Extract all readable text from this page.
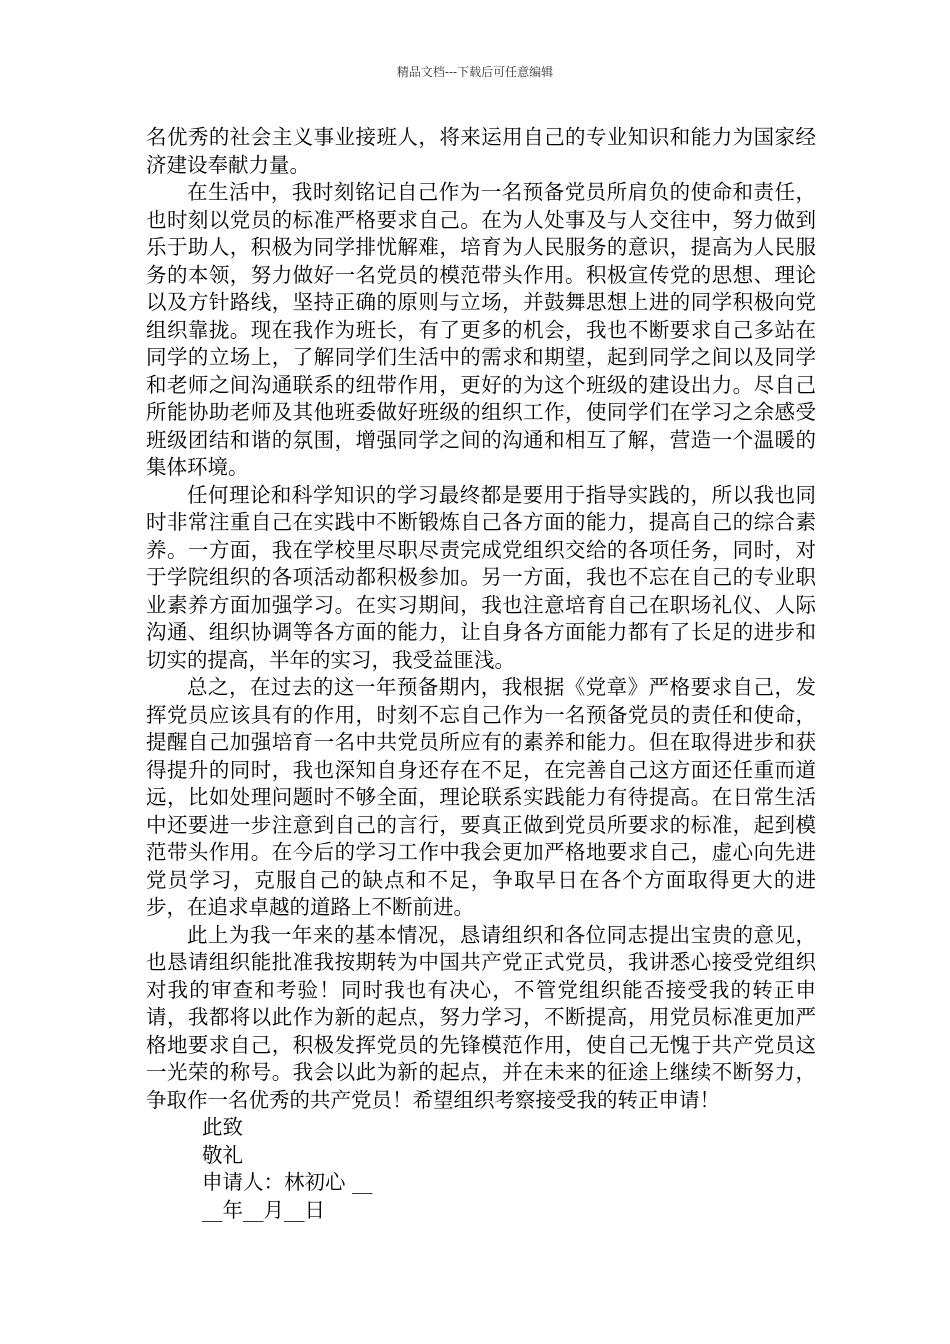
精品文档---下载后可任意编辑

名优秀的社会主义事业接班人，将来运用自己的专业知识和能力为国家经济建设奉献力量。

在生活中，我时刻铭记自己作为一名预备党员所肩负的使命和责任，也时刻以党员的标准严格要求自己。在为人处事及与人交往中，努力做到乐于助人，积极为同学排忧解难，培育为人民服务的意识，提高为人民服务的本领，努力做好一名党员的模范带头作用。积极宣传党的思想、理论以及方针路线，坚持正确的原则与立场，并鼓舞思想上进的同学积极向党组织靠拢。现在我作为班长，有了更多的机会，我也不断要求自己多站在同学的立场上，了解同学们生活中的需求和期望，起到同学之间以及同学和老师之间沟通联系的纽带作用，更好的为这个班级的建设出力。尽自己所能协助老师及其他班委做好班级的组织工作，使同学们在学习之余感受班级团结和谐的氛围，增强同学之间的沟通和相互了解，营造一个温暖的集体环境。

任何理论和科学知识的学习最终都是要用于指导实践的，所以我也同时非常注重自己在实践中不断锻炼自己各方面的能力，提高自己的综合素养。一方面，我在学校里尽职尽责完成党组织交给的各项任务，同时，对于学院组织的各项活动都积极参加。另一方面，我也不忘在自己的专业职业素养方面加强学习。在实习期间，我也注意培育自己在职场礼仪、人际沟通、组织协调等各方面的能力，让自身各方面能力都有了长足的进步和切实的提高，半年的实习，我受益匪浅。

总之，在过去的这一年预备期内，我根据《党章》严格要求自己，发挥党员应该具有的作用，时刻不忘自己作为一名预备党员的责任和使命，提醒自己加强培育一名中共党员所应有的素养和能力。但在取得进步和获得提升的同时，我也深知自身还存在不足，在完善自己这方面还任重而道远，比如处理问题时不够全面，理论联系实践能力有待提高。在日常生活中还要进一步注意到自己的言行，要真正做到党员所要求的标准，起到模范带头作用。在今后的学习工作中我会更加严格地要求自己，虚心向先进党员学习，克服自己的缺点和不足，争取早日在各个方面取得更大的进步，在追求卓越的道路上不断前进。

此上为我一年来的基本情况，恳请组织和各位同志提出宝贵的意见，也恳请组织能批准我按期转为中国共产党正式党员，我讲悉心接受党组织对我的审查和考验！同时我也有决心，不管党组织能否接受我的转正申请，我都将以此作为新的起点，努力学习，不断提高，用党员标准更加严格地要求自己，积极发挥党员的先锋模范作用，使自己无愧于共产党员这一光荣的称号。我会以此为新的起点，并在未来的征途上继续不断努力，争取作一名优秀的共产党员！希望组织考察接受我的转正申请！

此致

敬礼

申请人：林初心 __

__年__月__日
